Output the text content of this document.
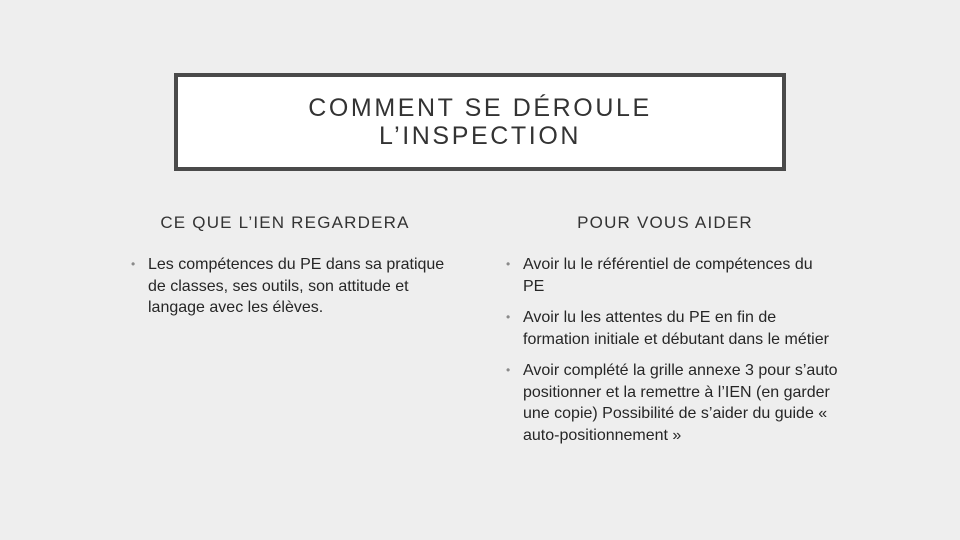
COMMENT SE DÉROULE
L’INSPECTION
CE QUE L’IEN REGARDERA	POUR VOUS AIDER
• Les compétences du PE dans sa pratique de classes, ses outils, son attitude et langage avec les élèves.
• Avoir lu le référentiel de compétences du PE
• Avoir lu les attentes du PE en fin de formation initiale et débutant dans le métier
• Avoir complété la grille annexe 3 pour s’auto positionner et la remettre à l’IEN (en garder une copie) Possibilité de s’aider du guide « auto-positionnement »
